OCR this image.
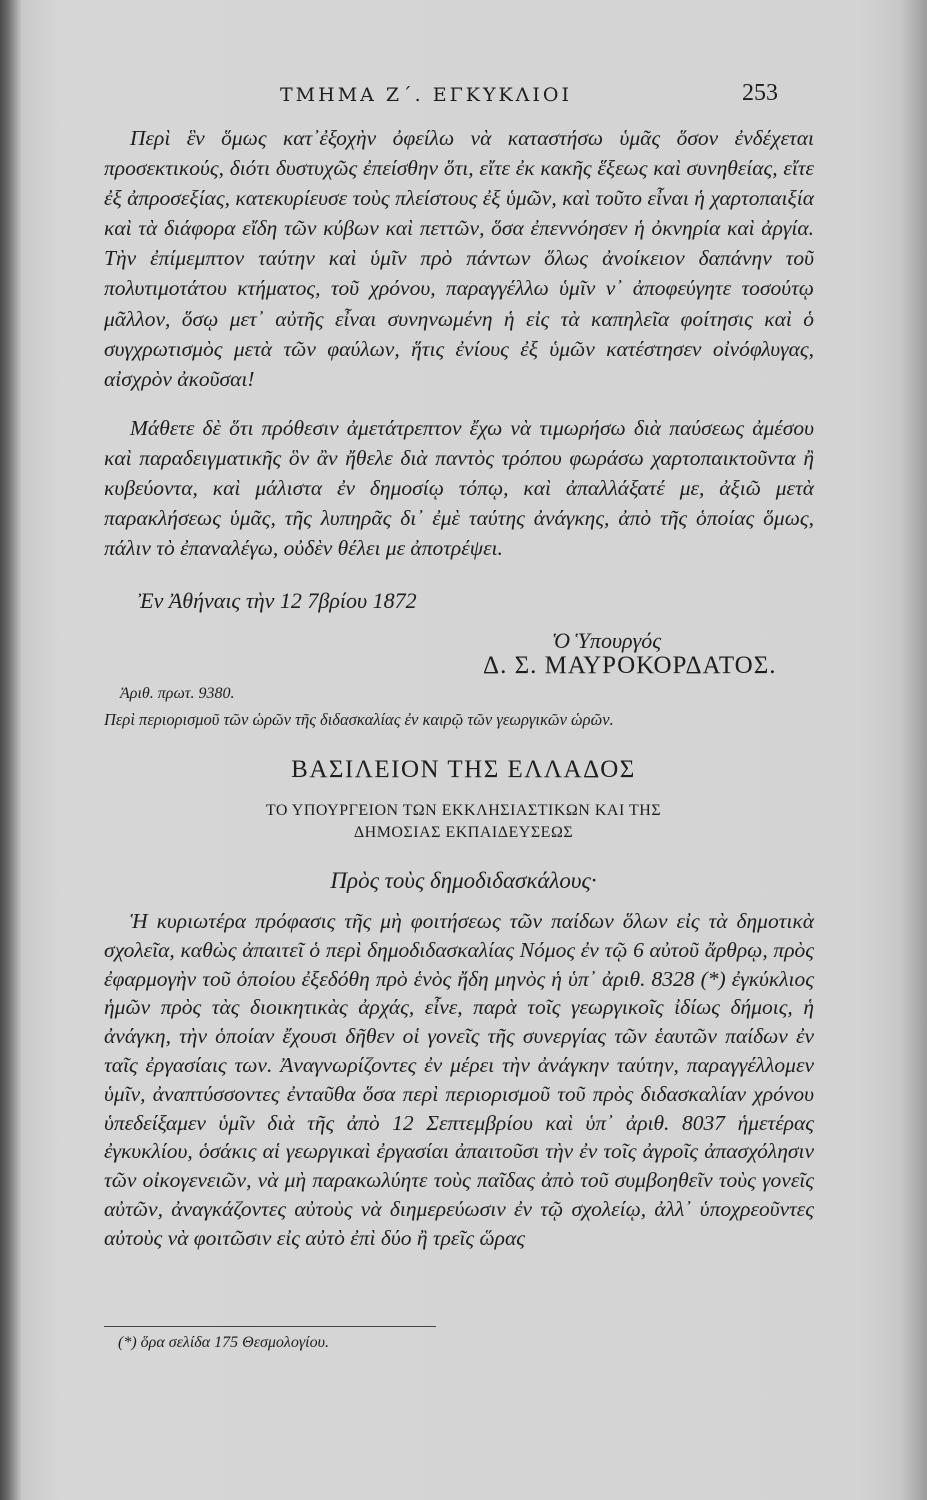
ΤΜΗΜΑ Ζ΄. ΕΓΚΥΚΛΙΟΙ	253

Περὶ ἓν ὅμως κατ᾿ἐξοχὴν ὀφείλω νὰ καταστήσω ὑμᾶς ὅσον ἐνδέχεται προσεκτικούς, διότι δυστυχῶς ἐπείσθην ὅτι, εἴτε ἐκ κακῆς ἕξεως καὶ συνηθείας, εἴτε ἐξ ἀπροσεξίας, κατεκυρίευσε τοὺς πλείστους ἐξ ὑμῶν, καὶ τοῦτο εἶναι ἡ χαρτοπαιξία καὶ τὰ διάφορα εἴδη τῶν κύβων καὶ πεττῶν, ὅσα ἐπεννόησεν ἡ ὀκνηρία καὶ ἀργία. Τὴν ἐπίμεμπτον ταύτην καὶ ὑμῖν πρὸ πάντων ὅλως ἀνοίκειον δαπάνην τοῦ πολυτιμοτάτου κτήματος, τοῦ χρόνου, παραγγέλλω ὑμῖν ν᾿ ἀποφεύγητε τοσούτῳ μᾶλλον, ὅσῳ μετ᾿ αὐτῆς εἶναι συνηνωμένη ἡ εἰς τὰ καπηλεῖα φοίτησις καὶ ὁ συγχρωτισμὸς μετὰ τῶν φαύλων, ἥτις ἐνίους ἐξ ὑμῶν κατέστησεν οἰνόφλυγας, αἰσχρὸν ἀκοῦσαι!

Μάθετε δὲ ὅτι πρόθεσιν ἀμετάτρεπτον ἔχω νὰ τιμωρήσω διὰ παύσεως ἀμέσου καὶ παραδειγματικῆς ὃν ἂν ἤθελε διὰ παντὸς τρόπου φωράσω χαρτοπαικτοῦντα ἢ κυβεύοντα, καὶ μάλιστα ἐν δημοσίῳ τόπῳ, καὶ ἀπαλλάξατέ με, ἀξιῶ μετὰ παρακλήσεως ὑμᾶς, τῆς λυπηρᾶς δι᾿ ἐμὲ ταύτης ἀνάγκης, ἀπὸ τῆς ὁποίας ὅμως, πάλιν τὸ ἐπαναλέγω, οὐδὲν θέλει με ἀποτρέψει.

Ἐν Ἀθήναις τὴν 12 7βρίου 1872
Ὁ Ὑπουργός
Δ. Σ. ΜΑΥΡΟΚΟΡΔΑΤΟΣ.
Ἀριθ. πρωτ. 9380.
Περὶ περιορισμοῦ τῶν ὡρῶν τῆς διδασκαλίας ἐν καιρῷ τῶν γεωργικῶν ὡρῶν.
ΒΑΣΙΛΕΙΟΝ ΤΗΣ ΕΛΛΑΔΟΣ
ΤΟ ΥΠΟΥΡΓΕΙΟΝ ΤΩΝ ΕΚΚΛΗΣΙΑΣΤΙΚΩΝ ΚΑΙ ΤΗΣ
ΔΗΜΟΣΙΑΣ ΕΚΠΑΙΔΕΥΣΕΩΣ
Πρὸς τοὺς δημοδιδασκάλους·

Ἡ κυριωτέρα πρόφασις τῆς μὴ φοιτήσεως τῶν παίδων ὅλων εἰς τὰ δημοτικὰ σχολεῖα, καθὼς ἀπαιτεῖ ὁ περὶ δημοδιδασκαλίας Νόμος ἐν τῷ 6 αὐτοῦ ἄρθρῳ, πρὸς ἐφαρμογὴν τοῦ ὁποίου ἐξεδόθη πρὸ ἑνὸς ἤδη μηνὸς ἡ ὑπ᾿ ἀριθ. 8328 (*) ἐγκύκλιος ἡμῶν πρὸς τὰς διοικητικὰς ἀρχάς, εἶνε, παρὰ τοῖς γεωργικοῖς ἰδίως δήμοις, ἡ ἀνάγκη, τὴν ὁποίαν ἔχουσι δῆθεν οἱ γονεῖς τῆς συνεργίας τῶν ἑαυτῶν παίδων ἐν ταῖς ἐργασίαις των. Ἀναγνωρίζοντες ἐν μέρει τὴν ἀνάγκην ταύτην, παραγγέλλομεν ὑμῖν, ἀναπτύσσοντες ἐνταῦθα ὅσα περὶ περιορισμοῦ τοῦ πρὸς διδασκαλίαν χρόνου ὑπεδείξαμεν ὑμῖν διὰ τῆς ἀπὸ 12 Σεπτεμβρίου καὶ ὑπ᾿ ἀριθ. 8037 ἡμετέρας ἐγκυκλίου, ὁσάκις αἱ γεωργικαὶ ἐργασίαι ἀπαιτοῦσι τὴν ἐν τοῖς ἀγροῖς ἀπασχόλησιν τῶν οἰκογενειῶν, νὰ μὴ παρακωλύητε τοὺς παῖδας ἀπὸ τοῦ συμβοηθεῖν τοὺς γονεῖς αὐτῶν, ἀναγκάζοντες αὐτοὺς νὰ διημερεύωσιν ἐν τῷ σχολείῳ, ἀλλ᾿ ὑποχρεοῦντες αὐτοὺς νὰ φοιτῶσιν εἰς αὐτὸ ἐπὶ δύο ἢ τρεῖς ὥρας

(*) ὅρα σελίδα 175 Θεσμολογίου.
